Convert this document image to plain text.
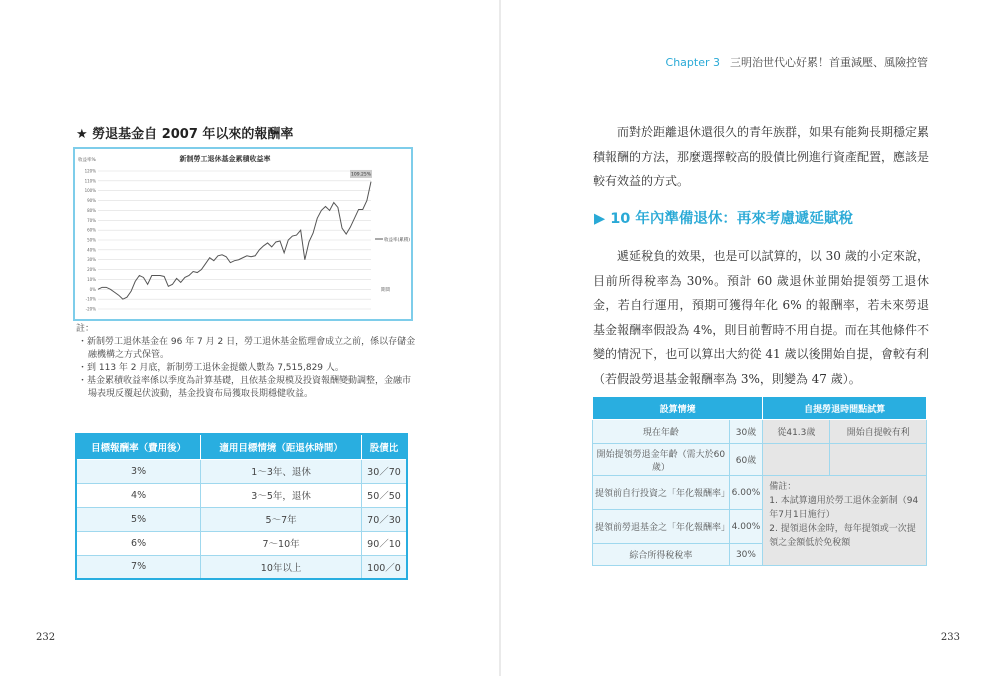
Chapter 3 三明治世代心好累！首重減壓、風險控管
★ 勞退基金自 2007 年以來的報酬率
新制勞工退休基金累積收益率
收益率%
-20%
-10%
0%
10%
20%
30%
40%
50%
60%
70%
80%
90%
100%
110%
120%
109.25%
收益率(累積)
期間
註：
・新制勞工退休基金在 96 年 7 月 2 日，勞工退休基金監理會成立之前，係以存儲金融機構之方式保管。
・到 113 年 2 月底，新制勞工退休金提繳人數為 7,515,829 人。
・基金累積收益率係以季度為計算基礎，且依基金規模及投資報酬變動調整，金融市場表現反覆起伏波動，基金投資布局獲取長期穩健收益。
目標報酬率（費用後）	適用目標情境（距退休時間）	股債比
3%	1～3年、退休	30／70
4%	3～5年，退休	50／50
5%	5～7年	70／30
6%	7～10年	90／10
7%	10年以上	100／0

而對於距離退休還很久的青年族群，如果有能夠長期穩定累積報酬的方法，那麼選擇較高的股債比例進行資產配置，應該是較有效益的方式。

▶ 10 年內準備退休：再來考慮遞延賦稅

遞延稅負的效果，也是可以試算的，以 30 歲的小定來說，目前所得稅率為 30%。預計 60 歲退休並開始提領勞工退休金，若自行運用，預期可獲得年化 6% 的報酬率，若未來勞退基金報酬率假設為 4%，則目前暫時不用自提。而在其他條件不變的情況下，也可以算出大約從 41 歲以後開始自提，會較有利（若假設勞退基金報酬率為 3%，則變為 47 歲）。

設算情境		自提勞退時間點試算	
現在年齡	30歲	從41.3歲	開始自提較有利
開始提領勞退金年齡（需大於60歲）	60歲		
提領前自行投資之「年化報酬率」	6.00%	備註：
1. 本試算適用於勞工退休金新制（94年7月1日施行）
2. 提領退休金時，每年提領或一次提領之金額低於免稅額	

提領前勞退基金之「年化報酬率」	4.00%		
綜合所得稅稅率	30%		
232	233
